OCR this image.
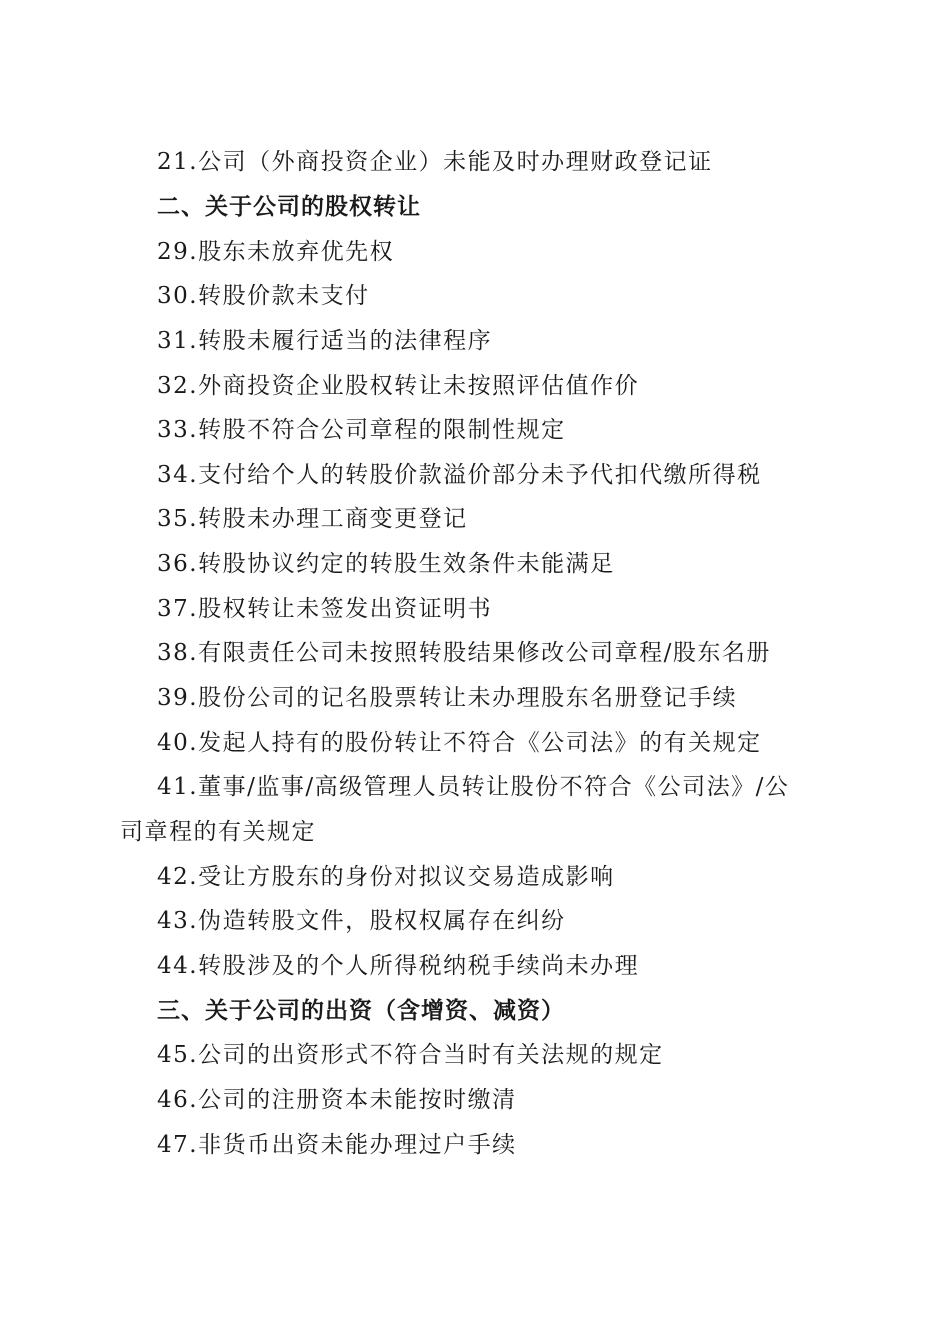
21.公司（外商投资企业）未能及时办理财政登记证
二、关于公司的股权转让
29.股东未放弃优先权
30.转股价款未支付
31.转股未履行适当的法律程序
32.外商投资企业股权转让未按照评估值作价
33.转股不符合公司章程的限制性规定
34.支付给个人的转股价款溢价部分未予代扣代缴所得税
35.转股未办理工商变更登记
36.转股协议约定的转股生效条件未能满足
37.股权转让未签发出资证明书
38.有限责任公司未按照转股结果修改公司章程/股东名册
39.股份公司的记名股票转让未办理股东名册登记手续
40.发起人持有的股份转让不符合《公司法》的有关规定
41.董事/监事/高级管理人员转让股份不符合《公司法》/公
司章程的有关规定
42.受让方股东的身份对拟议交易造成影响
43.伪造转股文件，股权权属存在纠纷
44.转股涉及的个人所得税纳税手续尚未办理
三、关于公司的出资（含增资、减资）
45.公司的出资形式不符合当时有关法规的规定
46.公司的注册资本未能按时缴清
47.非货币出资未能办理过户手续
